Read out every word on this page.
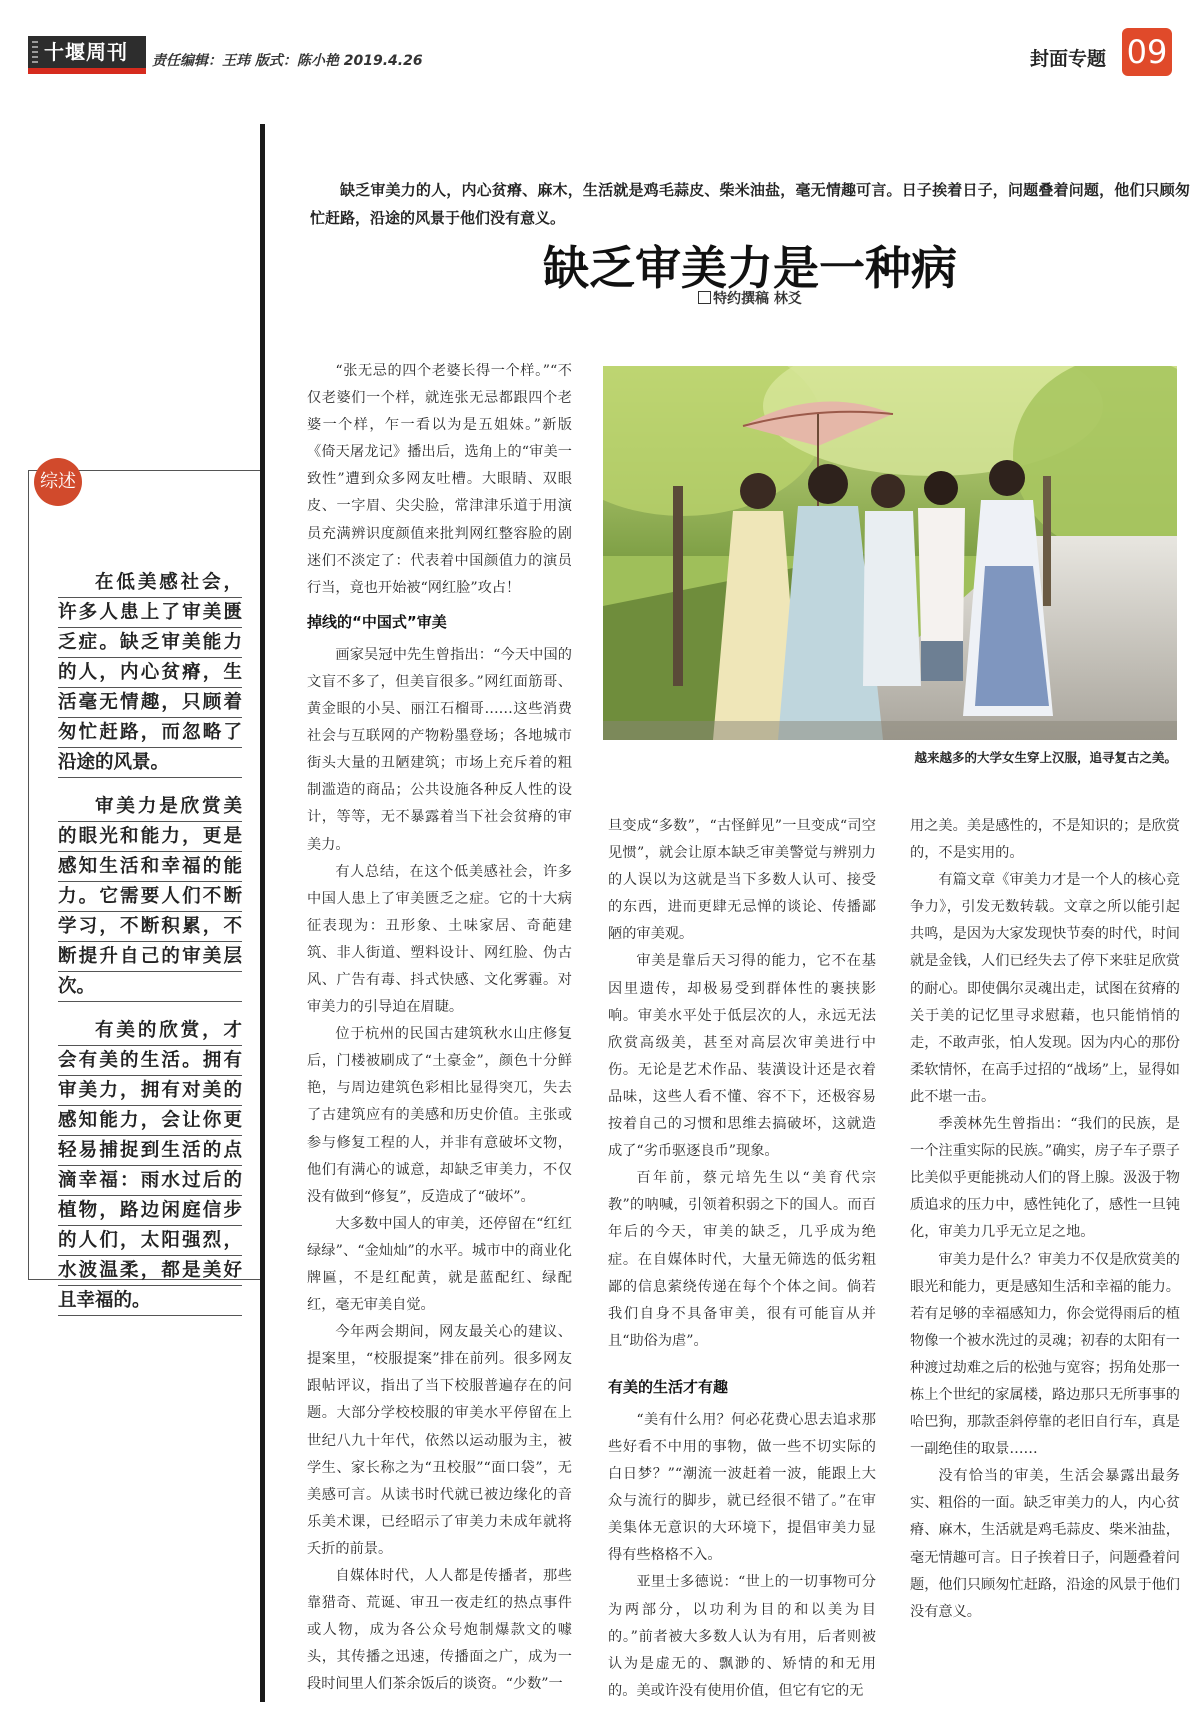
十堰周刊 责任编辑：王玮 版式：陈小艳 2019.4.26	封面专题 09
综述

在低美感社会，许多人患上了审美匮乏症。缺乏审美能力的人，内心贫瘠，生活毫无情趣，只顾着匆忙赶路，而忽略了沿途的风景。

审美力是欣赏美的眼光和能力，更是感知生活和幸福的能力。它需要人们不断学习，不断积累，不断提升自己的审美层次。

有美的欣赏，才会有美的生活。拥有审美力，拥有对美的感知能力，会让你更轻易捕捉到生活的点滴幸福：雨水过后的植物，路边闲庭信步的人们，太阳强烈，水波温柔，都是美好且幸福的。

缺乏审美力的人，内心贫瘠、麻木，生活就是鸡毛蒜皮、柴米油盐，毫无情趣可言。日子挨着日子，问题叠着问题，他们只顾匆忙赶路，沿途的风景于他们没有意义。

缺乏审美力是一种病
特约撰稿 林爻

“张无忌的四个老婆长得一个样。”“不仅老婆们一个样，就连张无忌都跟四个老婆一个样，乍一看以为是五姐妹。”新版《倚天屠龙记》播出后，选角上的“审美一致性”遭到众多网友吐槽。大眼睛、双眼皮、一字眉、尖尖脸，常津津乐道于用演员充满辨识度颜值来批判网红整容脸的剧迷们不淡定了：代表着中国颜值力的演员行当，竟也开始被“网红脸”攻占！

掉线的“中国式”审美

画家吴冠中先生曾指出：“今天中国的文盲不多了，但美盲很多。”网红面筋哥、黄金眼的小吴、丽江石榴哥……这些消费社会与互联网的产物粉墨登场；各地城市街头大量的丑陋建筑；市场上充斥着的粗制滥造的商品；公共设施各种反人性的设计，等等，无不暴露着当下社会贫瘠的审美力。

有人总结，在这个低美感社会，许多中国人患上了审美匮乏之症。它的十大病征表现为：丑形象、土味家居、奇葩建筑、非人街道、塑料设计、网红脸、伪古风、广告有毒、抖式快感、文化雾霾。对审美力的引导迫在眉睫。

位于杭州的民国古建筑秋水山庄修复后，门楼被刷成了“土豪金”，颜色十分鲜艳，与周边建筑色彩相比显得突兀，失去了古建筑应有的美感和历史价值。主张或参与修复工程的人，并非有意破坏文物，他们有满心的诚意，却缺乏审美力，不仅没有做到“修复”，反造成了“破坏”。

大多数中国人的审美，还停留在“红红绿绿”、“金灿灿”的水平。城市中的商业化牌匾，不是红配黄，就是蓝配红、绿配红，毫无审美自觉。

今年两会期间，网友最关心的建议、提案里，“校服提案”排在前列。很多网友跟帖评议，指出了当下校服普遍存在的问题。大部分学校校服的审美水平停留在上世纪八九十年代，依然以运动服为主，被学生、家长称之为“丑校服”“面口袋”，无美感可言。从读书时代就已被边缘化的音乐美术课，已经昭示了审美力未成年就将夭折的前景。

自媒体时代，人人都是传播者，那些靠猎奇、荒诞、审丑一夜走红的热点事件或人物，成为各公众号炮制爆款文的噱头，其传播之迅速，传播面之广，成为一段时间里人们茶余饭后的谈资。“少数”一

越来越多的大学女生穿上汉服，追寻复古之美。

旦变成“多数”，“古怪鲜见”一旦变成“司空见惯”，就会让原本缺乏审美警觉与辨别力的人误以为这就是当下多数人认可、接受的东西，进而更肆无忌惮的谈论、传播鄙陋的审美观。

审美是靠后天习得的能力，它不在基因里遗传，却极易受到群体性的裹挟影响。审美水平处于低层次的人，永远无法欣赏高级美，甚至对高层次审美进行中伤。无论是艺术作品、装潢设计还是衣着品味，这些人看不懂、容不下，还极容易按着自己的习惯和思维去搞破坏，这就造成了“劣币驱逐良币”现象。

百年前，蔡元培先生以“美育代宗教”的呐喊，引领着积弱之下的国人。而百年后的今天，审美的缺乏，几乎成为绝症。在自媒体时代，大量无筛选的低劣粗鄙的信息萦绕传递在每个个体之间。倘若我们自身不具备审美，很有可能盲从并且“助俗为虐”。

有美的生活才有趣

“美有什么用？何必花费心思去追求那些好看不中用的事物，做一些不切实际的白日梦？”“潮流一波赶着一波，能跟上大众与流行的脚步，就已经很不错了。”在审美集体无意识的大环境下，提倡审美力显得有些格格不入。

亚里士多德说：“世上的一切事物可分为两部分，以功利为目的和以美为目的。”前者被大多数人认为有用，后者则被认为是虚无的、飘渺的、矫情的和无用的。美或许没有使用价值，但它有它的无

用之美。美是感性的，不是知识的；是欣赏的，不是实用的。

有篇文章《审美力才是一个人的核心竞争力》，引发无数转载。文章之所以能引起共鸣，是因为大家发现快节奏的时代，时间就是金钱，人们已经失去了停下来驻足欣赏的耐心。即使偶尔灵魂出走，试图在贫瘠的关于美的记忆里寻求慰藉，也只能悄悄的走，不敢声张，怕人发现。因为内心的那份柔软情怀，在高手过招的“战场”上，显得如此不堪一击。

季羡林先生曾指出：“我们的民族，是一个注重实际的民族。”确实，房子车子票子比美似乎更能挑动人们的肾上腺。汲汲于物质追求的压力中，感性钝化了，感性一旦钝化，审美力几乎无立足之地。

审美力是什么？审美力不仅是欣赏美的眼光和能力，更是感知生活和幸福的能力。若有足够的幸福感知力，你会觉得雨后的植物像一个被水洗过的灵魂；初春的太阳有一种渡过劫难之后的松弛与宽容；拐角处那一栋上个世纪的家属楼，路边那只无所事事的哈巴狗，那款歪斜停靠的老旧自行车，真是一副绝佳的取景……

没有恰当的审美，生活会暴露出最务实、粗俗的一面。缺乏审美力的人，内心贫瘠、麻木，生活就是鸡毛蒜皮、柴米油盐，毫无情趣可言。日子挨着日子，问题叠着问题，他们只顾匆忙赶路，沿途的风景于他们没有意义。
